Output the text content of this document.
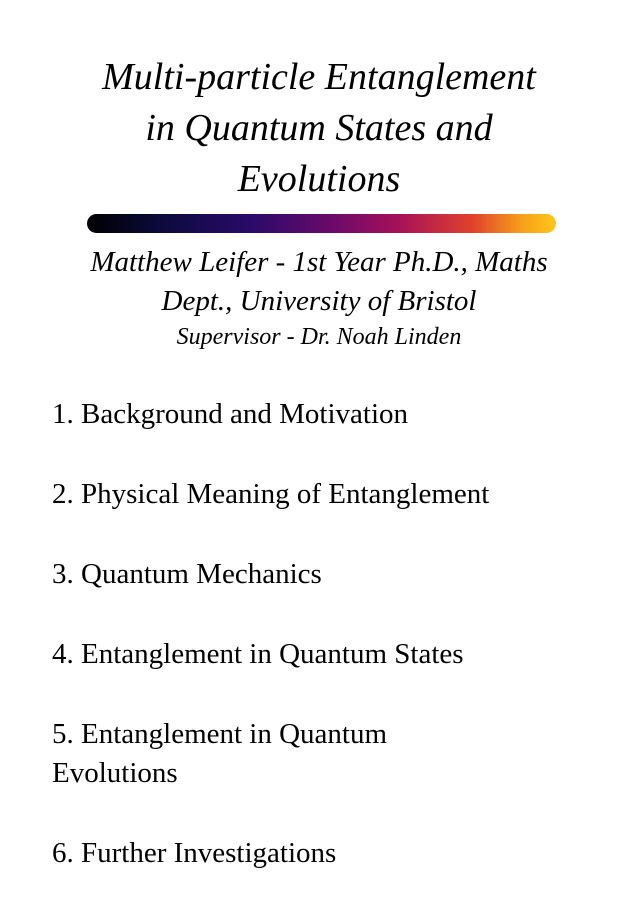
Multi-particle Entanglement
in Quantum States and
Evolutions

Matthew Leifer - 1st Year Ph.D., Maths
Dept., University of Bristol

Supervisor - Dr. Noah Linden

1. Background and Motivation
2. Physical Meaning of Entanglement
3. Quantum Mechanics
4. Entanglement in Quantum States
5. Entanglement in Quantum
Evolutions
6. Further Investigations
